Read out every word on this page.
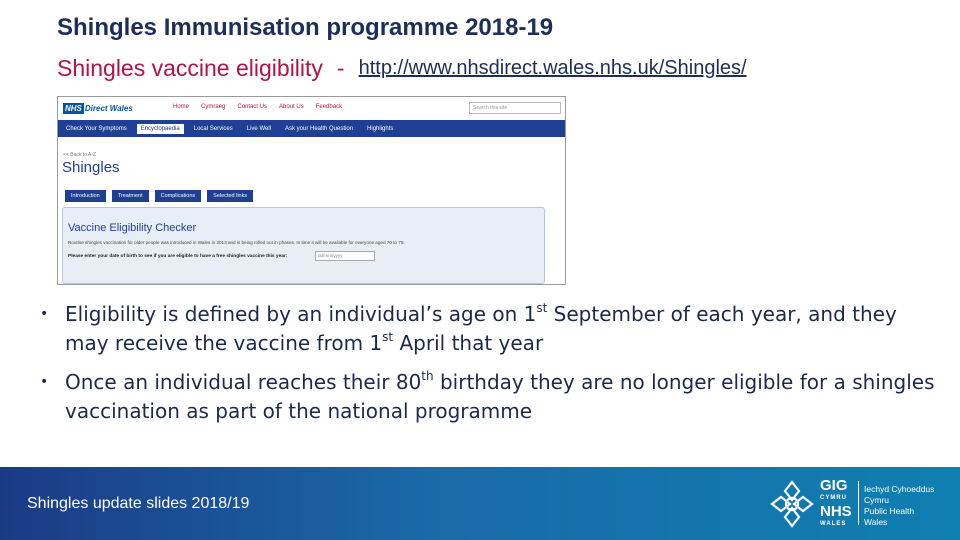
Shingles Immunisation programme 2018-19
Shingles vaccine eligibility - http://www.nhsdirect.wales.nhs.uk/Shingles/
NHS Direct Wales	Home Cymraeg Contact Us About Us Feedback	Search this site
Check Your Symptoms	Encyclopaedia	Local Services	Live Well	Ask your Health Question	Highlights
<< Back to A-Z
Shingles
Introduction	Treatment	Complications	Selected links
Vaccine Eligibility Checker
Routine shingles vaccination for older people was introduced in Wales in 2013 and is being rolled out in phases. In time it will be available for everyone aged 70 to 79.
Please enter your date of birth to see if you are eligible to have a free shingles vaccine this year:	dd/mm/yyyy
• Eligibility is defined by an individual’s age on 1st September of each year, and they may receive the vaccine from 1st April that year
• Once an individual reaches their 80th birthday they are no longer eligible for a shingles vaccination as part of the national programme
Shingles update slides 2018/19
GIG
CYMRU
NHS
WALES
Iechyd Cyhoeddus
Cymru
Public Health
Wales
